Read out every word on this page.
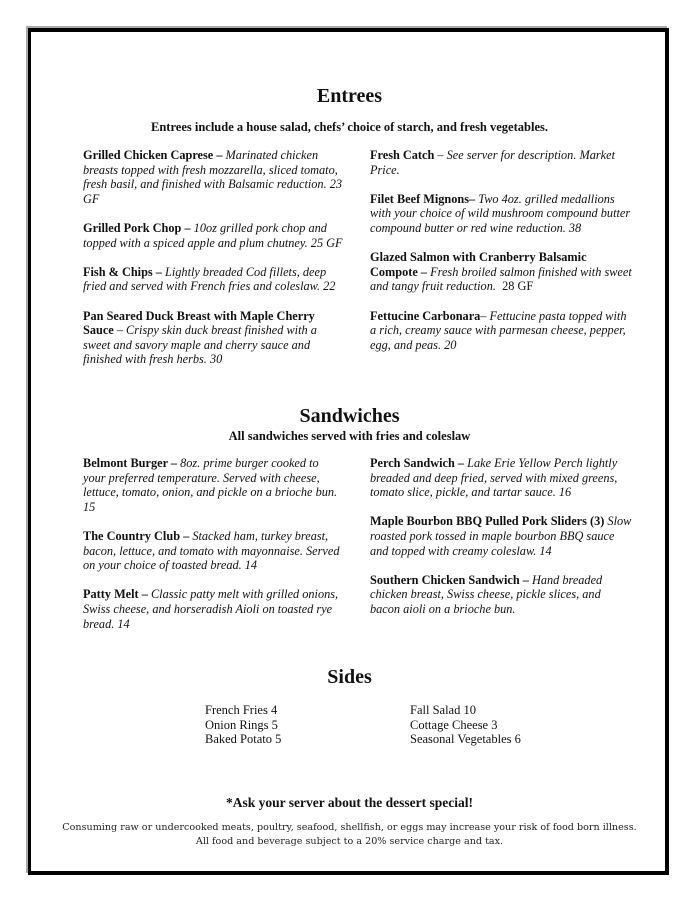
Entrees
Entrees include a house salad, chefs’ choice of starch, and fresh vegetables.
Grilled Chicken Caprese – Marinated chicken breasts topped with fresh mozzarella, sliced tomato, fresh basil, and finished with Balsamic reduction. 23 GF
Grilled Pork Chop – 10oz grilled pork chop and topped with a spiced apple and plum chutney. 25 GF
Fish & Chips – Lightly breaded Cod fillets, deep fried and served with French fries and coleslaw. 22
Pan Seared Duck Breast with Maple Cherry Sauce – Crispy skin duck breast finished with a sweet and savory maple and cherry sauce and finished with fresh herbs. 30
Fresh Catch – See server for description. Market Price.
Filet Beef Mignons– Two 4oz. grilled medallions with your choice of wild mushroom compound butter compound butter or red wine reduction. 38
Glazed Salmon with Cranberry Balsamic Compote – Fresh broiled salmon finished with sweet and tangy fruit reduction.  28 GF
Fettucine Carbonara– Fettucine pasta topped with a rich, creamy sauce with parmesan cheese, pepper, egg, and peas. 20
Sandwiches
All sandwiches served with fries and coleslaw
Belmont Burger – 8oz. prime burger cooked to your preferred temperature. Served with cheese, lettuce, tomato, onion, and pickle on a brioche bun. 15
The Country Club – Stacked ham, turkey breast, bacon, lettuce, and tomato with mayonnaise. Served on your choice of toasted bread. 14
Patty Melt – Classic patty melt with grilled onions, Swiss cheese, and horseradish Aioli on toasted rye bread. 14
Perch Sandwich – Lake Erie Yellow Perch lightly breaded and deep fried, served with mixed greens, tomato slice, pickle, and tartar sauce. 16
Maple Bourbon BBQ Pulled Pork Sliders (3) Slow roasted pork tossed in maple bourbon BBQ sauce and topped with creamy coleslaw. 14
Southern Chicken Sandwich – Hand breaded chicken breast, Swiss cheese, pickle slices, and bacon aioli on a brioche bun.
Sides
French Fries 4
Onion Rings 5
Baked Potato 5
Fall Salad 10
Cottage Cheese 3
Seasonal Vegetables 6
*Ask your server about the dessert special!
Consuming raw or undercooked meats, poultry, seafood, shellfish, or eggs may increase your risk of food born illness.
All food and beverage subject to a 20% service charge and tax.
